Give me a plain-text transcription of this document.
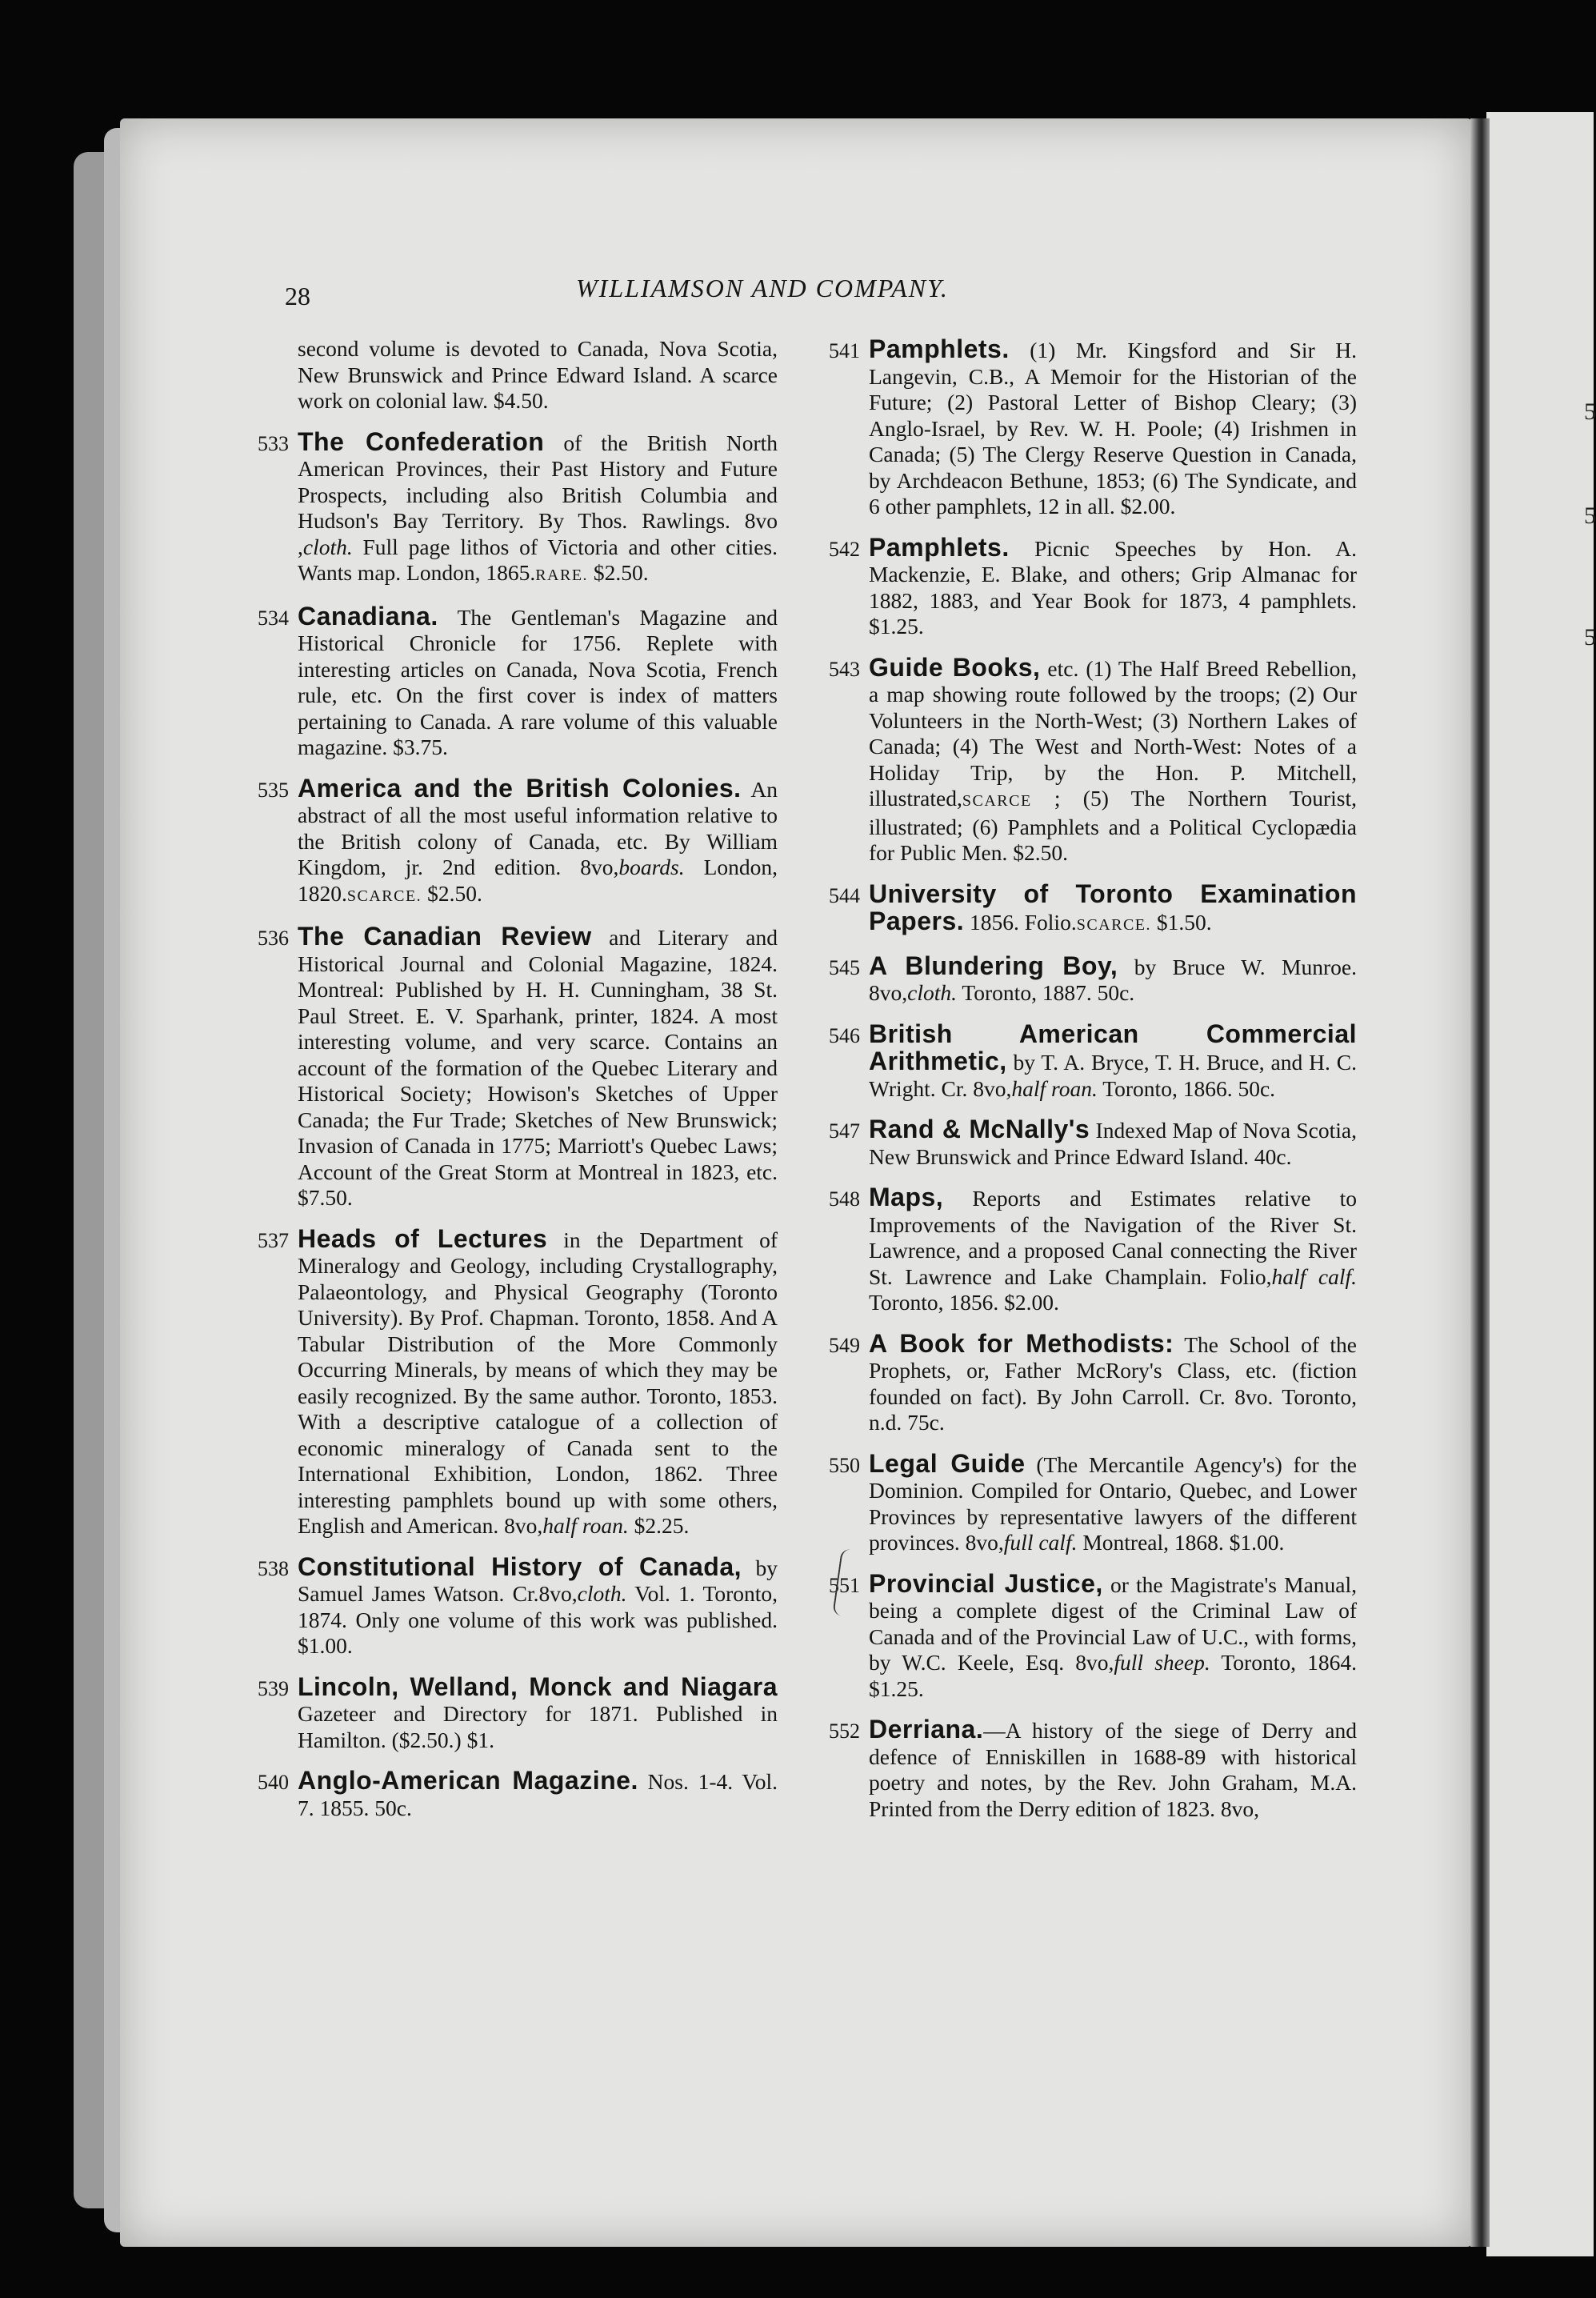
5
5
5
28	WILLIAMSON AND COMPANY.
second volume is devoted to Canada, Nova Scotia, New Brunswick and Prince Edward Island. A scarce work on colonial law. $4.50.
533 The Confederation of the British North American Provinces, their Past History and Future Prospects, including also British Columbia and Hudson's Bay Territory. By Thos. Rawlings. 8vo ,cloth. Full page lithos of Victoria and other cities. Wants map. London, 1865.RARE. $2.50.
534 Canadiana. The Gentleman's Magazine and Historical Chronicle for 1756. Replete with interesting articles on Canada, Nova Scotia, French rule, etc. On the first cover is index of matters pertaining to Canada. A rare volume of this valuable magazine. $3.75.
535 America and the British Colonies. An abstract of all the most useful information relative to the British colony of Canada, etc. By William Kingdom, jr. 2nd edition. 8vo,boards. London, 1820.SCARCE. $2.50.
536 The Canadian Review and Literary and Historical Journal and Colonial Magazine, 1824. Montreal: Published by H. H. Cunningham, 38 St. Paul Street. E. V. Sparhank, printer, 1824. A most interesting volume, and very scarce. Contains an account of the formation of the Quebec Literary and Historical Society; Howison's Sketches of Upper Canada; the Fur Trade; Sketches of New Brunswick; Invasion of Canada in 1775; Marriott's Quebec Laws; Account of the Great Storm at Montreal in 1823, etc. $7.50.
537 Heads of Lectures in the Department of Mineralogy and Geology, including Crystallography, Palaeontology, and Physical Geography (Toronto University). By Prof. Chapman. Toronto, 1858. And A Tabular Distribution of the More Commonly Occurring Minerals, by means of which they may be easily recognized. By the same author. Toronto, 1853. With a descriptive catalogue of a collection of economic mineralogy of Canada sent to the International Exhibition, London, 1862. Three interesting pamphlets bound up with some others, English and American. 8vo,half roan. $2.25.
538 Constitutional History of Canada, by Samuel James Watson. Cr.8vo,cloth. Vol. 1. Toronto, 1874. Only one volume of this work was published. $1.00.
539 Lincoln, Welland, Monck and Niagara Gazeteer and Directory for 1871. Published in Hamilton. ($2.50.) $1.
540 Anglo-American Magazine. Nos. 1-4. Vol. 7. 1855. 50c.
541 Pamphlets. (1) Mr. Kingsford and Sir H. Langevin, C.B., A Memoir for the Historian of the Future; (2) Pastoral Letter of Bishop Cleary; (3) Anglo-Israel, by Rev. W. H. Poole; (4) Irishmen in Canada; (5) The Clergy Reserve Question in Canada, by Archdeacon Bethune, 1853; (6) The Syndicate, and 6 other pamphlets, 12 in all. $2.00.
542 Pamphlets. Picnic Speeches by Hon. A. Mackenzie, E. Blake, and others; Grip Almanac for 1882, 1883, and Year Book for 1873, 4 pamphlets. $1.25.
543 Guide Books, etc. (1) The Half Breed Rebellion, a map showing route followed by the troops; (2) Our Volunteers in the North-West; (3) Northern Lakes of Canada; (4) The West and North-West: Notes of a Holiday Trip, by the Hon. P. Mitchell, illustrated,SCARCE ; (5) The Northern Tourist, illustrated; (6) Pamphlets and a Political Cyclopædia for Public Men. $2.50.
544 University of Toronto Examination Papers. 1856. Folio.SCARCE. $1.50.
545 A Blundering Boy, by Bruce W. Munroe. 8vo,cloth. Toronto, 1887. 50c.
546 British American Commercial Arithmetic, by T. A. Bryce, T. H. Bruce, and H. C. Wright. Cr. 8vo,half roan. Toronto, 1866. 50c.
547 Rand & McNally's Indexed Map of Nova Scotia, New Brunswick and Prince Edward Island. 40c.
548 Maps, Reports and Estimates relative to Improvements of the Navigation of the River St. Lawrence, and a proposed Canal connecting the River St. Lawrence and Lake Champlain. Folio,half calf. Toronto, 1856. $2.00.
549 A Book for Methodists: The School of the Prophets, or, Father McRory's Class, etc. (fiction founded on fact). By John Carroll. Cr. 8vo. Toronto, n.d. 75c.
550 Legal Guide (The Mercantile Agency's) for the Dominion. Compiled for Ontario, Quebec, and Lower Provinces by representative lawyers of the different provinces. 8vo,full calf. Montreal, 1868. $1.00.
551 Provincial Justice, or the Magistrate's Manual, being a complete digest of the Criminal Law of Canada and of the Provincial Law of U.C., with forms, by W.C. Keele, Esq. 8vo,full sheep. Toronto, 1864. $1.25.
552 Derriana.—A history of the siege of Derry and defence of Enniskillen in 1688-89 with historical poetry and notes, by the Rev. John Graham, M.A. Printed from the Derry edition of 1823. 8vo,
